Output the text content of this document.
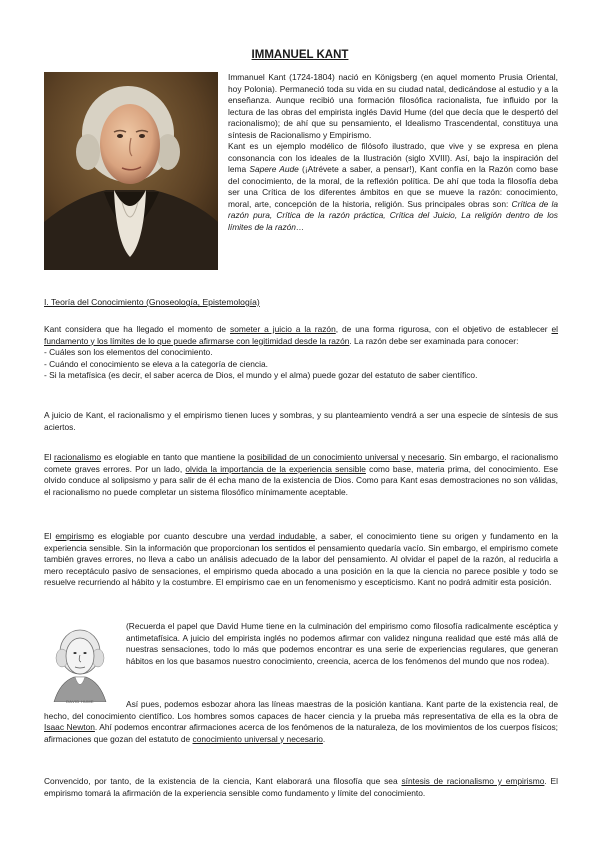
IMMANUEL KANT

Immanuel Kant (1724-1804) nació en Königsberg (en aquel momento Prusia Oriental, hoy Polonia). Permaneció toda su vida en su ciudad natal, dedicándose al estudio y a la enseñanza. Aunque recibió una formación filosófica racionalista, fue influido por la lectura de las obras del empirista inglés David Hume (del que decía que le despertó del racionalismo); de ahí que su pensamiento, el Idealismo Trascendental, constituya una síntesis de Racionalismo y Empirismo.

Kant es un ejemplo modélico de filósofo ilustrado, que vive y se expresa en plena consonancia con los ideales de la Ilustración (siglo XVIII). Así, bajo la inspiración del lema Sapere Aude (¡Atrévete a saber, a pensar!), Kant confía en la Razón como base del conocimiento, de la moral, de la reflexión política. De ahí que toda la filosofía deba ser una Crítica de los diferentes ámbitos en que se mueve la razón: conocimiento, moral, arte, concepción de la historia, religión. Sus principales obras son: Crítica de la razón pura, Crítica de la razón práctica, Crítica del Juicio, La religión dentro de los límites de la razón…

I. Teoría del Conocimiento (Gnoseología, Epistemología)

Kant considera que ha llegado el momento de someter a juicio a la razón, de una forma rigurosa, con el objetivo de establecer el fundamento y los límites de lo que puede afirmarse con legitimidad desde la razón. La razón debe ser examinada para conocer:

- Cuáles son los elementos del conocimiento.

- Cuándo el conocimiento se eleva a la categoría de ciencia.

- Si la metafísica (es decir, el saber acerca de Dios, el mundo y el alma) puede gozar del estatuto de saber científico.

A juicio de Kant, el racionalismo y el empirismo tienen luces y sombras, y su planteamiento vendrá a ser una especie de síntesis de sus aciertos.

El racionalismo es elogiable en tanto que mantiene la posibilidad de un conocimiento universal y necesario. Sin embargo, el racionalismo comete graves errores. Por un lado, olvida la importancia de la experiencia sensible como base, materia prima, del conocimiento. Ese olvido conduce al solipsismo y para salir de él echa mano de la existencia de Dios. Como para Kant esas demostraciones no son válidas, el racionalismo no puede completar un sistema filosófico mínimamente aceptable.

El empirismo es elogiable por cuanto descubre una verdad indudable, a saber, el conocimiento tiene su origen y fundamento en la experiencia sensible. Sin la información que proporcionan los sentidos el pensamiento quedaría vacío. Sin embargo, el empirismo comete también graves errores, no lleva a cabo un análisis adecuado de la labor del pensamiento. Al olvidar el papel de la razón, al reducirla a mero receptáculo pasivo de sensaciones, el empirismo queda abocado a una posición en la que la ciencia no parece posible y todo se resuelve recurriendo al hábito y la costumbre. El empirismo cae en un fenomenismo y escepticismo. Kant no podrá admitir esta posición.

DAVID HUME
(Recuerda el papel que David Hume tiene en la culminación del empirismo como filosofía radicalmente escéptica y antimetafísica. A juicio del empirista inglés no podemos afirmar con validez ninguna realidad que esté más allá de nuestras sensaciones, todo lo más que podemos encontrar es una serie de experiencias regulares, que generan hábitos en los que basamos nuestro conocimiento, creencia, acerca de los fenómenos del mundo que nos rodea).

Así pues, podemos esbozar ahora las líneas maestras de la posición kantiana. Kant parte de la existencia real, de hecho, del conocimiento científico. Los hombres somos capaces de hacer ciencia y la prueba más representativa de ella es la obra de Isaac Newton. Ahí podemos encontrar afirmaciones acerca de los fenómenos de la naturaleza, de los movimientos de los cuerpos físicos; afirmaciones que gozan del estatuto de conocimiento universal y necesario.

Convencido, por tanto, de la existencia de la ciencia, Kant elaborará una filosofía que sea síntesis de racionalismo y empirismo. El empirismo tomará la afirmación de la experiencia sensible como fundamento y límite del conocimiento.
